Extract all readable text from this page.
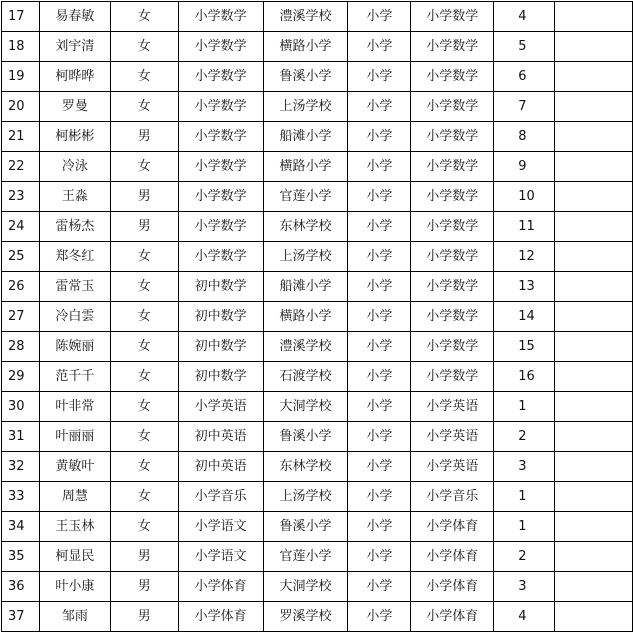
17	易春敏	女	小学数学	澧溪学校	小学	小学数学	4	
18	刘宇清	女	小学数学	横路小学	小学	小学数学	5	
19	柯晔晔	女	小学数学	鲁溪小学	小学	小学数学	6	
20	罗曼	女	小学数学	上汤学校	小学	小学数学	7	
21	柯彬彬	男	小学数学	船滩小学	小学	小学数学	8	
22	冷泳	女	小学数学	横路小学	小学	小学数学	9	
23	王淼	男	小学数学	官莲小学	小学	小学数学	10	
24	雷杨杰	男	小学数学	东林学校	小学	小学数学	11	
25	郑冬红	女	小学数学	上汤学校	小学	小学数学	12	
26	雷常玉	女	初中数学	船滩小学	小学	小学数学	13	
27	冷白雲	女	初中数学	横路小学	小学	小学数学	14	
28	陈婉丽	女	初中数学	澧溪学校	小学	小学数学	15	
29	范千千	女	初中数学	石渡学校	小学	小学数学	16	
30	叶非常	女	小学英语	大洞学校	小学	小学英语	1	
31	叶丽丽	女	初中英语	鲁溪小学	小学	小学英语	2	
32	黄敏叶	女	初中英语	东林学校	小学	小学英语	3	
33	周慧	女	小学音乐	上汤学校	小学	小学音乐	1	
34	王玉林	女	小学语文	鲁溪小学	小学	小学体育	1	
35	柯显民	男	小学语文	官莲小学	小学	小学体育	2	
36	叶小康	男	小学体育	大洞学校	小学	小学体育	3	
37	邹雨	男	小学体育	罗溪学校	小学	小学体育	4	
